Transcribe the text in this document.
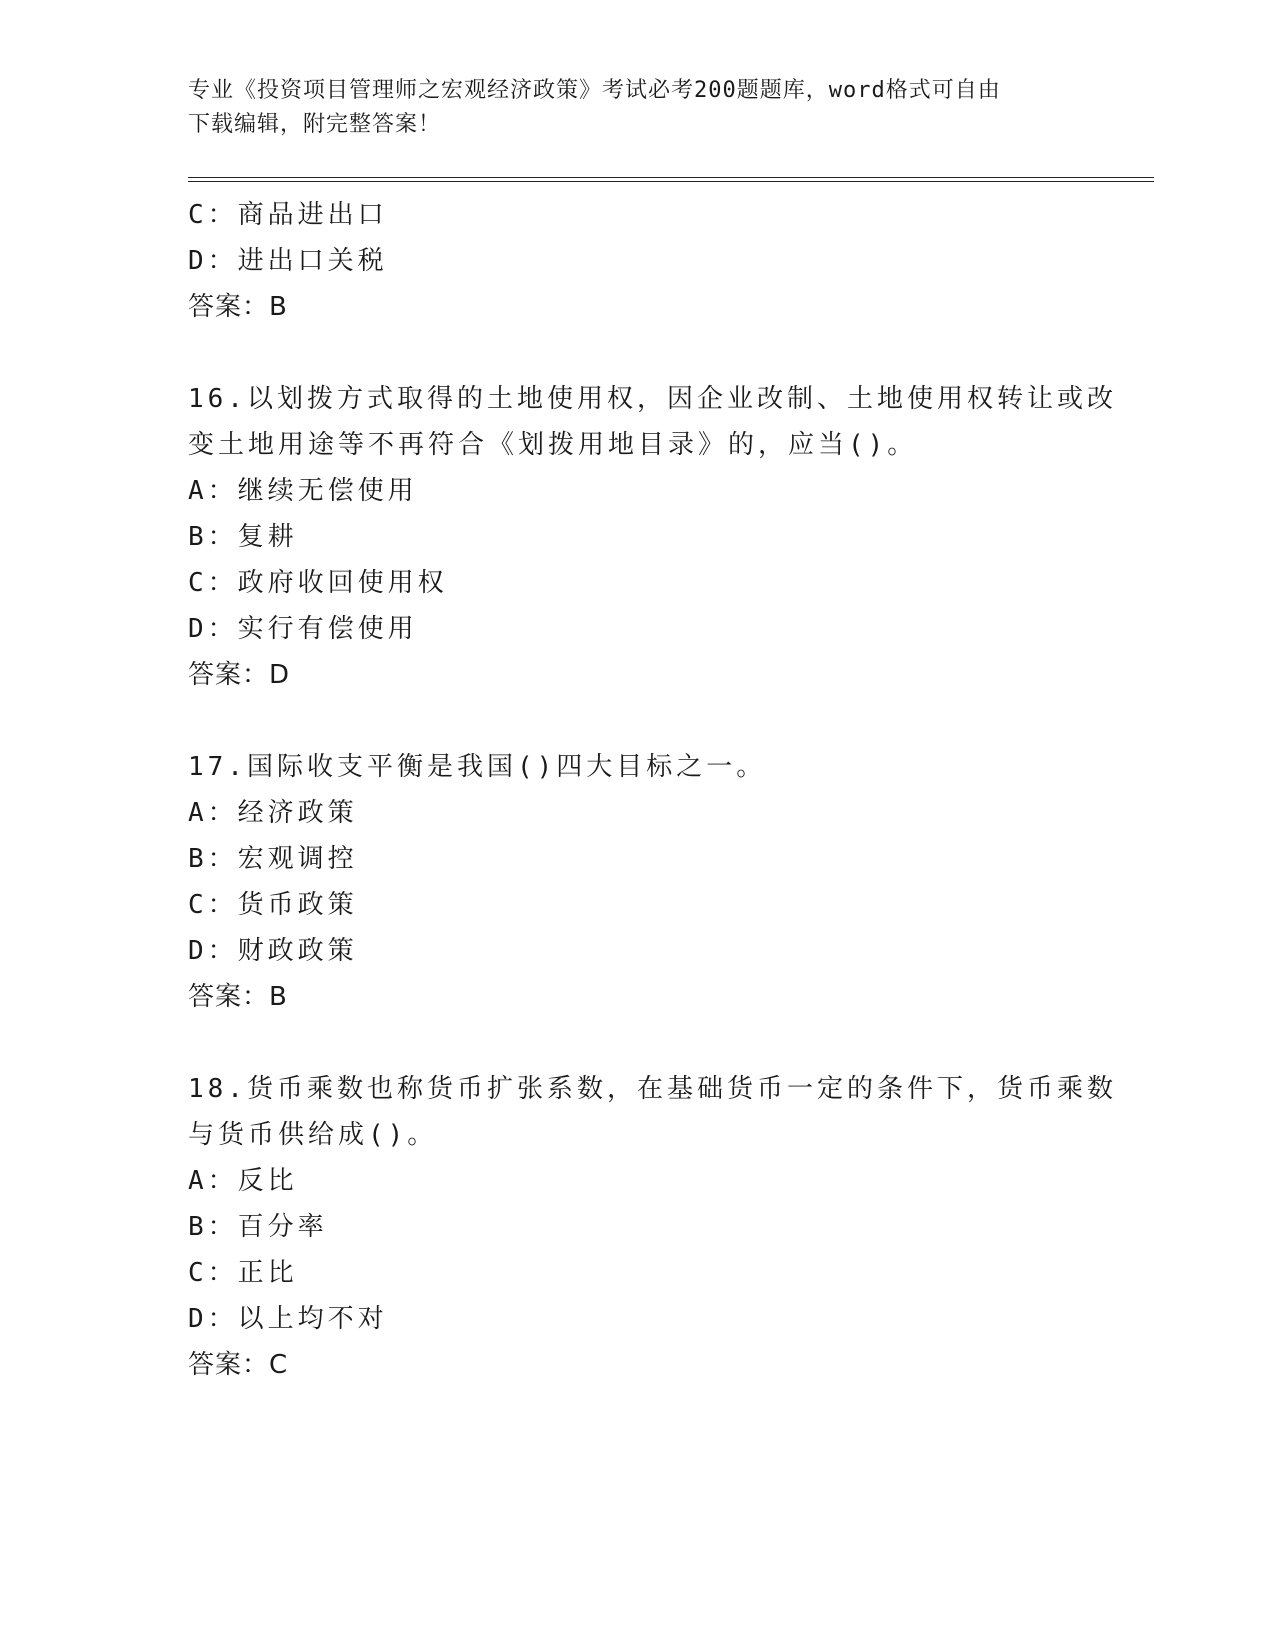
专业《投资项目管理师之宏观经济政策》考试必考200题题库，word格式可自由
下载编辑，附完整答案！
C：商品进出口
D：进出口关税
答案：B
16.以划拨方式取得的土地使用权，因企业改制、土地使用权转让或改
变土地用途等不再符合《划拨用地目录》的，应当()。
A：继续无偿使用
B：复耕
C：政府收回使用权
D：实行有偿使用
答案：D
17.国际收支平衡是我国()四大目标之一。
A：经济政策
B：宏观调控
C：货币政策
D：财政政策
答案：B
18.货币乘数也称货币扩张系数，在基础货币一定的条件下，货币乘数
与货币供给成()。
A：反比
B：百分率
C：正比
D：以上均不对
答案：C
